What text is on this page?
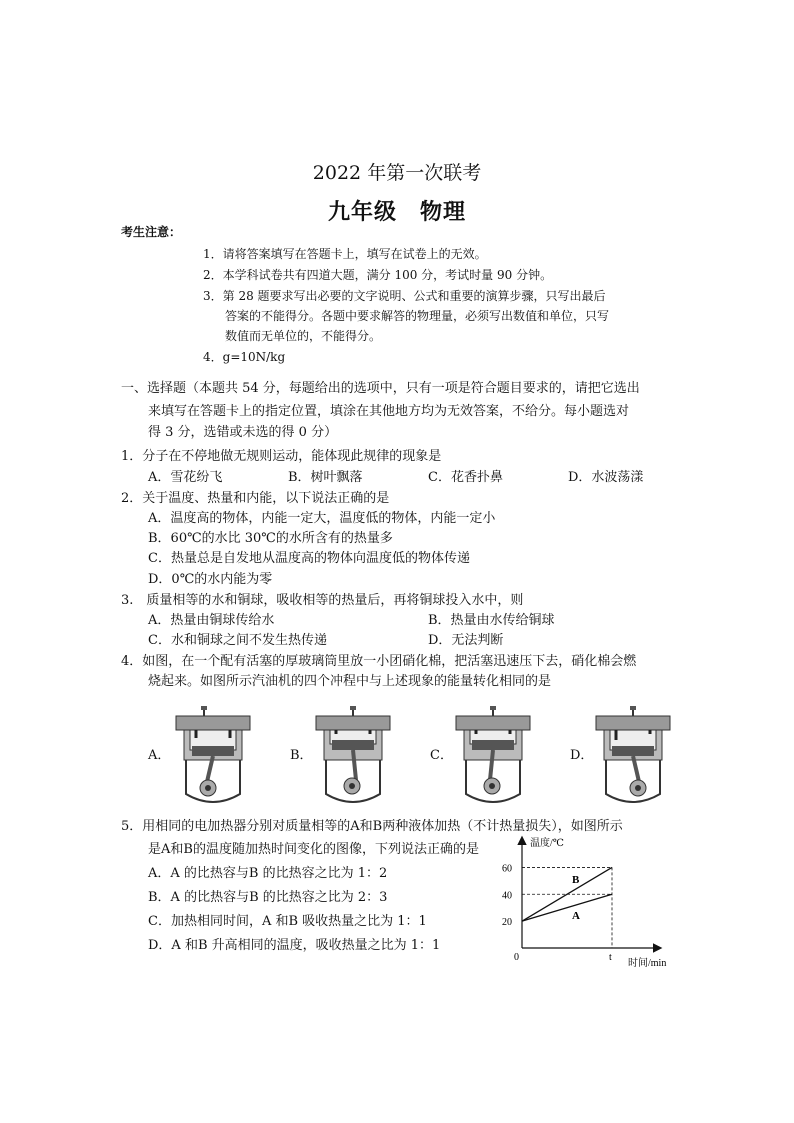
2022 年第一次联考
九年级　物理
考生注意：
1．请将答案填写在答题卡上，填写在试卷上的无效。
2．本学科试卷共有四道大题，满分 100 分，考试时量 90 分钟。
3．第 28 题要求写出必要的文字说明、公式和重要的演算步骤，只写出最后
答案的不能得分。各题中要求解答的物理量，必须写出数值和单位，只写
数值而无单位的，不能得分。
4．g=10N/kg
一、选择题（本题共 54 分，每题给出的选项中，只有一项是符合题目要求的，请把它选出
来填写在答题卡上的指定位置，填涂在其他地方均为无效答案，不给分。每小题选对
得 3 分，选错或未选的得 0 分）
1．分子在不停地做无规则运动，能体现此规律的现象是
A．雪花纷飞	B．树叶飘落	C．花香扑鼻	D．水波荡漾
2．关于温度、热量和内能，以下说法正确的是
A．温度高的物体，内能一定大，温度低的物体，内能一定小
B．60℃的水比 30℃的水所含有的热量多
C．热量总是自发地从温度高的物体向温度低的物体传递
D．0℃的水内能为零
3.　质量相等的水和铜球，吸收相等的热量后，再将铜球投入水中，则
A．热量由铜球传给水	B．热量由水传给铜球
C．水和铜球之间不发生热传递	D．无法判断
4．如图，在一个配有活塞的厚玻璃筒里放一小团硝化棉，把活塞迅速压下去，硝化棉会燃
烧起来。如图所示汽油机的四个冲程中与上述现象的能量转化相同的是
A．	B．	C．	D．
5．用相同的电加热器分别对质量相等的A和B两种液体加热（不计热量损失），如图所示
是A和B的温度随加热时间变化的图像，下列说法正确的是
A．A 的比热容与B 的比热容之比为 1：2
B．A 的比热容与B 的比热容之比为 2：3
C．加热相同时间，A 和B 吸收热量之比为 1：1
D．A 和B 升高相同的温度，吸收热量之比为 1：1
温度/℃
时间/min
0
20
40
60
t
A
B
